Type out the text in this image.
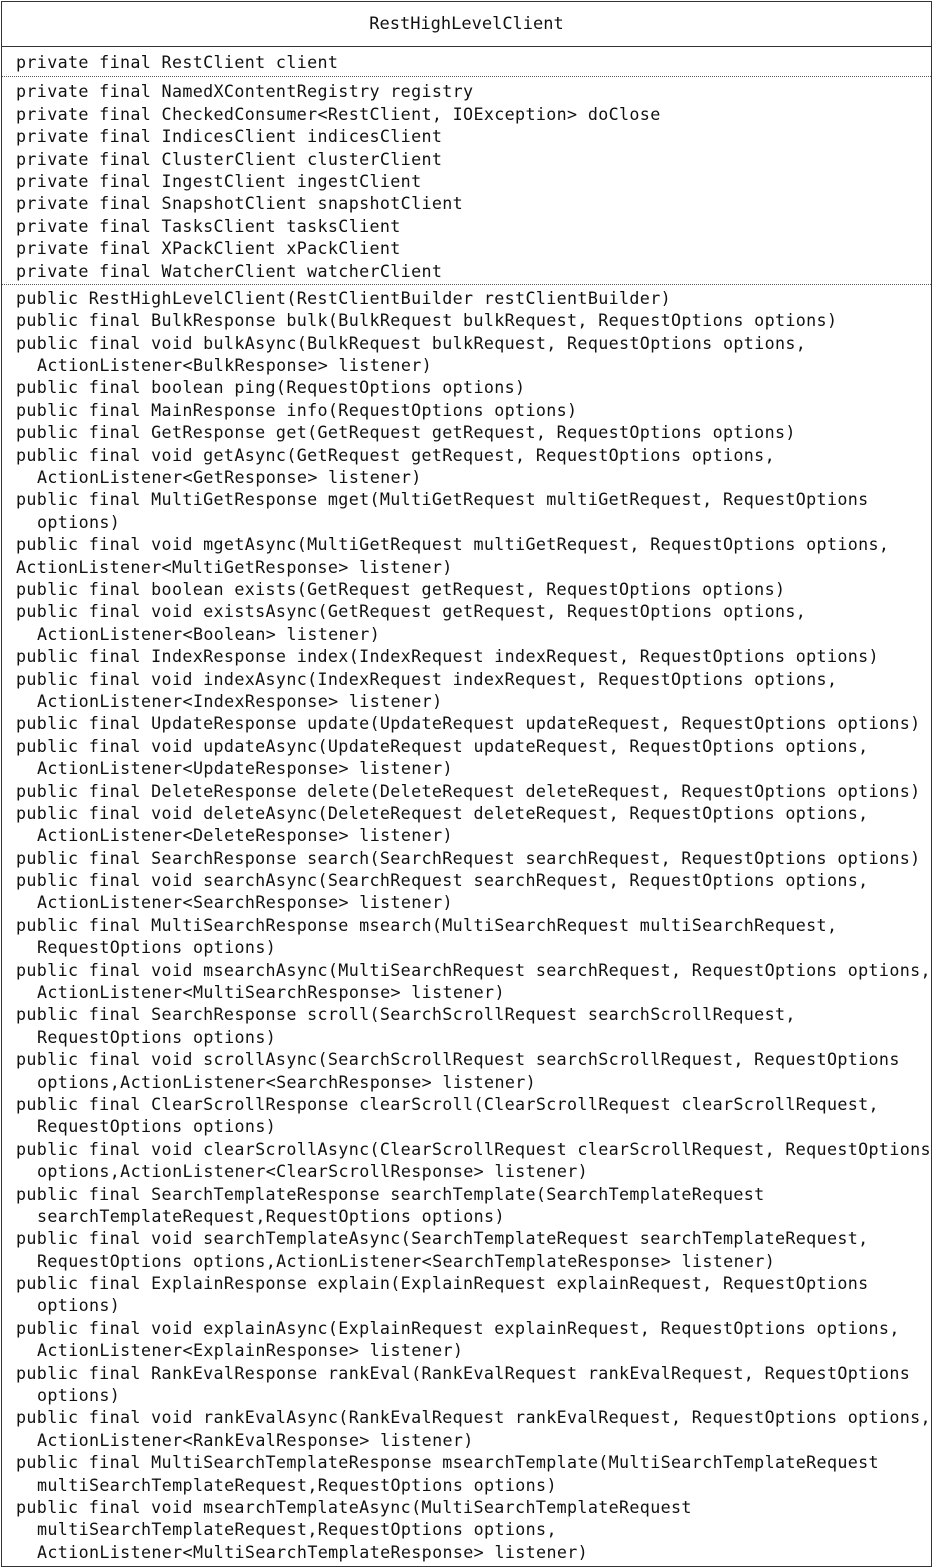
RestHighLevelClient
private final RestClient client
private final NamedXContentRegistry registry
private final CheckedConsumer<RestClient, IOException> doClose
private final IndicesClient indicesClient
private final ClusterClient clusterClient
private final IngestClient ingestClient
private final SnapshotClient snapshotClient
private final TasksClient tasksClient
private final XPackClient xPackClient
private final WatcherClient watcherClient
public RestHighLevelClient(RestClientBuilder restClientBuilder)
public final BulkResponse bulk(BulkRequest bulkRequest, RequestOptions options)
public final void bulkAsync(BulkRequest bulkRequest, RequestOptions options,
ActionListener<BulkResponse> listener)
public final boolean ping(RequestOptions options)
public final MainResponse info(RequestOptions options)
public final GetResponse get(GetRequest getRequest, RequestOptions options)
public final void getAsync(GetRequest getRequest, RequestOptions options,
ActionListener<GetResponse> listener)
public final MultiGetResponse mget(MultiGetRequest multiGetRequest, RequestOptions
options)
public final void mgetAsync(MultiGetRequest multiGetRequest, RequestOptions options,
ActionListener<MultiGetResponse> listener)
public final boolean exists(GetRequest getRequest, RequestOptions options)
public final void existsAsync(GetRequest getRequest, RequestOptions options,
ActionListener<Boolean> listener)
public final IndexResponse index(IndexRequest indexRequest, RequestOptions options)
public final void indexAsync(IndexRequest indexRequest, RequestOptions options,
ActionListener<IndexResponse> listener)
public final UpdateResponse update(UpdateRequest updateRequest, RequestOptions options)
public final void updateAsync(UpdateRequest updateRequest, RequestOptions options,
ActionListener<UpdateResponse> listener)
public final DeleteResponse delete(DeleteRequest deleteRequest, RequestOptions options)
public final void deleteAsync(DeleteRequest deleteRequest, RequestOptions options,
ActionListener<DeleteResponse> listener)
public final SearchResponse search(SearchRequest searchRequest, RequestOptions options)
public final void searchAsync(SearchRequest searchRequest, RequestOptions options,
ActionListener<SearchResponse> listener)
public final MultiSearchResponse msearch(MultiSearchRequest multiSearchRequest,
RequestOptions options)
public final void msearchAsync(MultiSearchRequest searchRequest, RequestOptions options,
ActionListener<MultiSearchResponse> listener)
public final SearchResponse scroll(SearchScrollRequest searchScrollRequest,
RequestOptions options)
public final void scrollAsync(SearchScrollRequest searchScrollRequest, RequestOptions
options,ActionListener<SearchResponse> listener)
public final ClearScrollResponse clearScroll(ClearScrollRequest clearScrollRequest,
RequestOptions options)
public final void clearScrollAsync(ClearScrollRequest clearScrollRequest, RequestOptions
options,ActionListener<ClearScrollResponse> listener)
public final SearchTemplateResponse searchTemplate(SearchTemplateRequest
searchTemplateRequest,RequestOptions options)
public final void searchTemplateAsync(SearchTemplateRequest searchTemplateRequest,
RequestOptions options,ActionListener<SearchTemplateResponse> listener)
public final ExplainResponse explain(ExplainRequest explainRequest, RequestOptions
options)
public final void explainAsync(ExplainRequest explainRequest, RequestOptions options,
ActionListener<ExplainResponse> listener)
public final RankEvalResponse rankEval(RankEvalRequest rankEvalRequest, RequestOptions
options)
public final void rankEvalAsync(RankEvalRequest rankEvalRequest, RequestOptions options,
ActionListener<RankEvalResponse> listener)
public final MultiSearchTemplateResponse msearchTemplate(MultiSearchTemplateRequest
multiSearchTemplateRequest,RequestOptions options)
public final void msearchTemplateAsync(MultiSearchTemplateRequest
multiSearchTemplateRequest,RequestOptions options,
ActionListener<MultiSearchTemplateResponse> listener)
